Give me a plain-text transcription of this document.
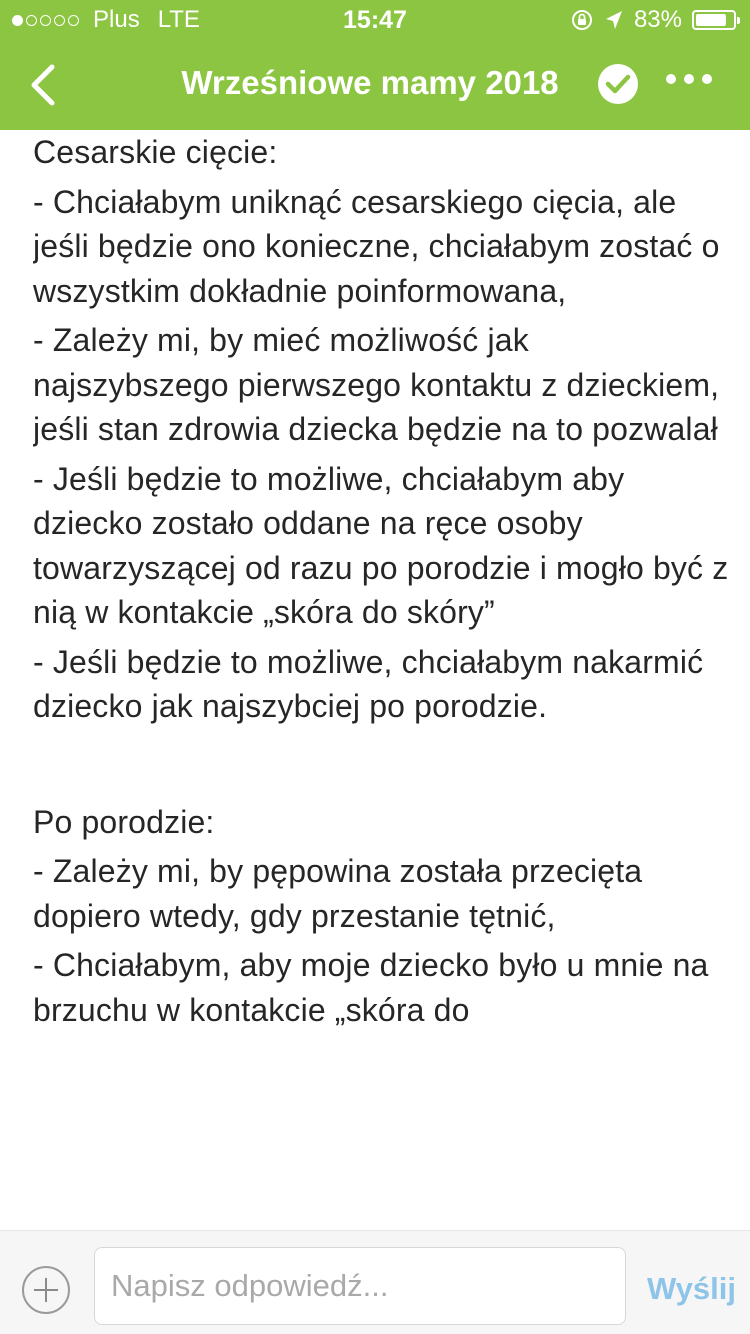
Plus LTE	15:47	83%
Wrześniowe mamy 2018
Cesarskie cięcie:
- Chciałabym uniknąć cesarskiego cięcia, ale jeśli będzie ono konieczne, chciałabym zostać o wszystkim dokładnie poinformowana,
- Zależy mi, by mieć możliwość jak najszybszego pierwszego kontaktu z dzieckiem, jeśli stan zdrowia dziecka będzie na to pozwalał
- Jeśli będzie to możliwe, chciałabym aby dziecko zostało oddane na ręce osoby towarzyszącej od razu po porodzie i mogło być z nią w kontakcie „skóra do skóry”
- Jeśli będzie to możliwe, chciałabym nakarmić dziecko jak najszybciej po porodzie.
Po porodzie:
- Zależy mi, by pępowina została przecięta dopiero wtedy, gdy przestanie tętnić,
- Chciałabym, aby moje dziecko było u mnie na brzuchu w kontakcie „skóra do
Napisz odpowiedź...
Wyślij
